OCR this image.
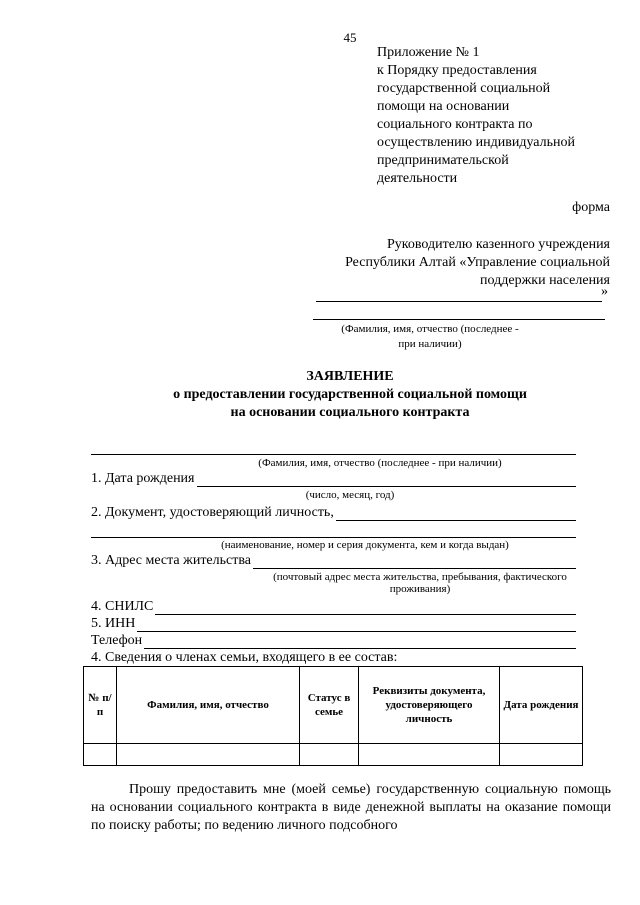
45
Приложение № 1
к Порядку предоставления
государственной социальной
помощи на основании
социального контракта по
осуществлению индивидуальной
предпринимательской
деятельности
форма
Руководителю казенного учреждения
Республики Алтай «Управление социальной
поддержки населения
»
(Фамилия, имя, отчество (последнее -
при наличии)
ЗАЯВЛЕНИЕ
о предоставлении государственной социальной помощи
на основании социального контракта
(Фамилия, имя, отчество (последнее - при наличии)
1. Дата рождения
(число, месяц, год)
2. Документ, удостоверяющий личность,
(наименование, номер и серия документа, кем и когда выдан)
3. Адрес места жительства
(почтовый адрес места жительства, пребывания, фактического
проживания)
4. СНИЛС
5. ИНН
Телефон
4. Сведения о членах семьи, входящего в ее состав:
№ п/п	Фамилия, имя, отчество	Статус в семье	Реквизиты документа, удостоверяющего личность	Дата рождения

Прошу предоставить мне (моей семье) государственную социальную помощь на основании социального контракта в виде денежной выплаты на оказание помощи по поиску работы; по ведению личного подсобного
